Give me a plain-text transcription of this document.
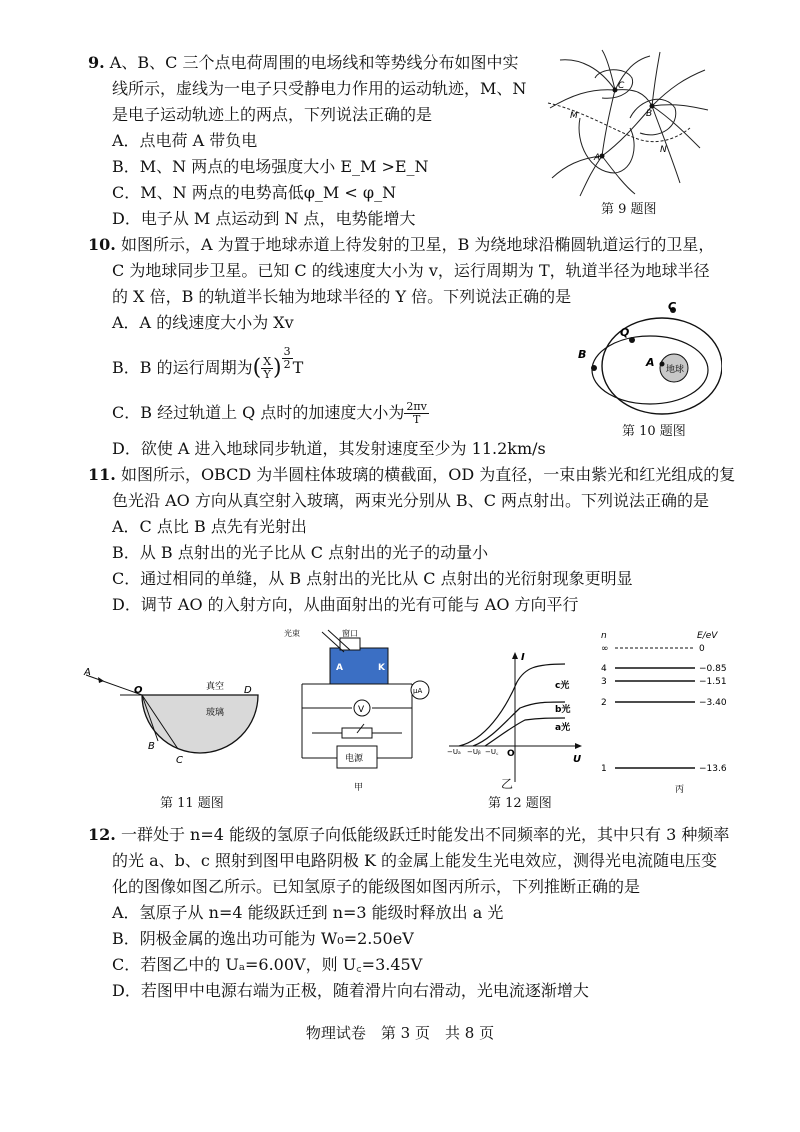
9. A、B、C 三个点电荷周围的电场线和等势线分布如图中实
线所示，虚线为一电子只受静电力作用的运动轨迹，M、N
是电子运动轨迹上的两点，下列说法正确的是
A．点电荷 A 带负电
B．M、N 两点的电场强度大小 E_M >E_N
C．M、N 两点的电势高低φ_M < φ_N
D．电子从 M 点运动到 N 点，电势能增大
C
B
A
M
N
第 9 题图
10. 如图所示，A 为置于地球赤道上待发射的卫星，B 为绕地球沿椭圆轨道运行的卫星，
C 为地球同步卫星。已知 C 的线速度大小为 v，运行周期为 T，轨道半径为地球半径
的 X 倍，B 的轨道半长轴为地球半径的 Y 倍。下列说法正确的是
A．A 的线速度大小为 Xv
B．B 的运行周期为( $\frac{X}{Y}$ ) $\frac{3}{2}$ T
C．B 经过轨道上 Q 点时的加速度大小为 $\frac{2\pi v}{T}$
D．欲使 A 进入地球同步轨道，其发射速度至少为 11.2km/s
C
Q
B
A
地球
第 10 题图
11. 如图所示，OBCD 为半圆柱体玻璃的横截面，OD 为直径，一束由紫光和红光组成的复
色光沿 AO 方向从真空射入玻璃，两束光分别从 B、C 两点射出。下列说法正确的是
A．C 点比 B 点先有光射出
B．从 B 点射出的光子比从 C 点射出的光子的动量小
C．通过相同的单缝，从 B 点射出的光比从 C 点射出的光衍射现象更明显
D．调节 AO 的入射方向，从曲面射出的光有可能与 AO 方向平行
A
O	D
B
C
真空
玻璃
第 11 题图
光束	窗口
A	K
V
μA
电源
甲
I
U
O
c光
b光
a光
−Uₐ −Uᵦ −U꜀
乙
n	E/eV
∞	0
4	−0.85
3	−1.51
2	−3.40
1	−13.6
丙
第 12 题图
12. 一群处于 n=4 能级的氢原子向低能级跃迁时能发出不同频率的光，其中只有 3 种频率
的光 a、b、c 照射到图甲电路阴极 K 的金属上能发生光电效应，测得光电流随电压变
化的图像如图乙所示。已知氢原子的能级图如图丙所示，下列推断正确的是
A．氢原子从 n=4 能级跃迁到 n=3 能级时释放出 a 光
B．阴极金属的逸出功可能为 W₀=2.50eV
C．若图乙中的 Uₐ=6.00V，则 U꜀=3.45V
D．若图甲中电源右端为正极，随着滑片向右滑动，光电流逐渐增大
物理试卷　第 3 页　共 8 页
